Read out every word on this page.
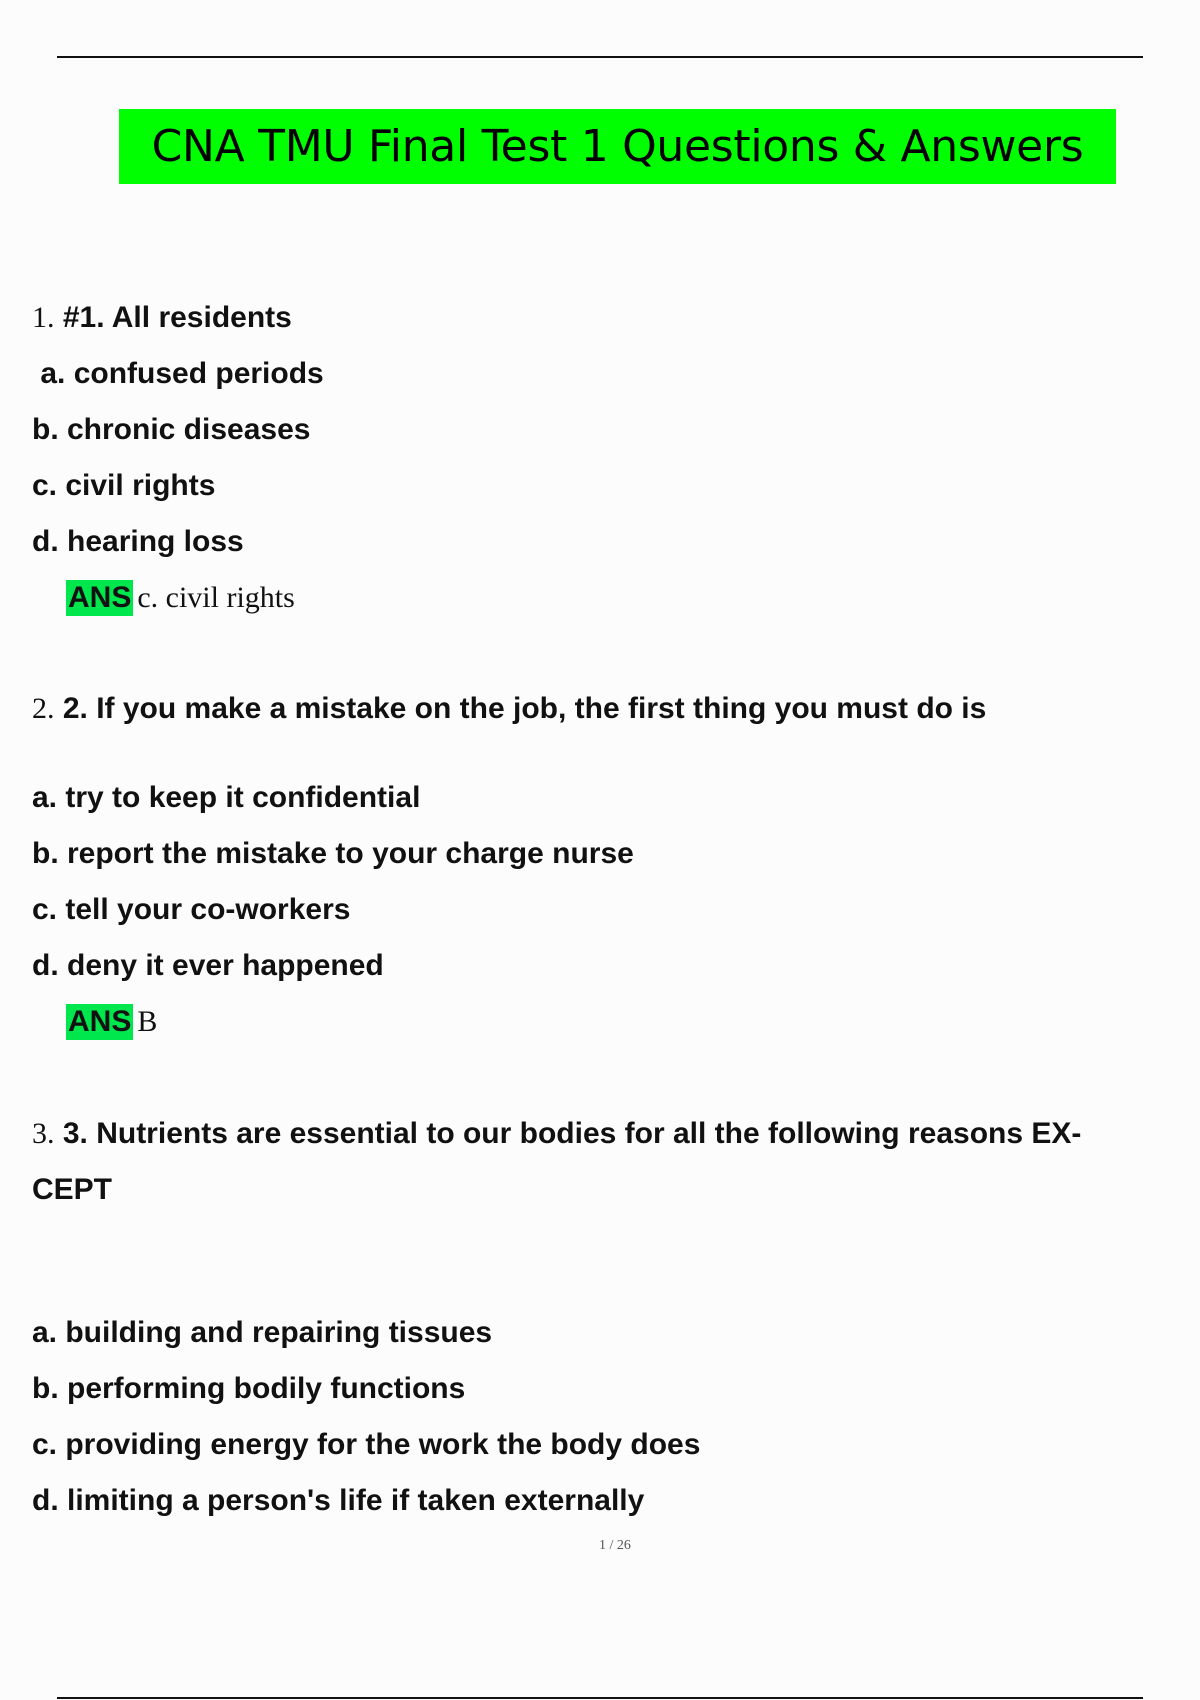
CNA TMU Final Test 1 Questions & Answers
1. #1. All residents
a. confused periods
b. chronic diseases
c. civil rights
d. hearing loss
ANS c. civil rights
2. 2. If you make a mistake on the job, the first thing you must do is
a. try to keep it confidential
b. report the mistake to your charge nurse
c. tell your co-workers
d. deny it ever happened
ANS B
3. 3. Nutrients are essential to our bodies for all the following reasons EX-
CEPT
a. building and repairing tissues
b. performing bodily functions
c. providing energy for the work the body does
d. limiting a person's life if taken externally
1 / 26
